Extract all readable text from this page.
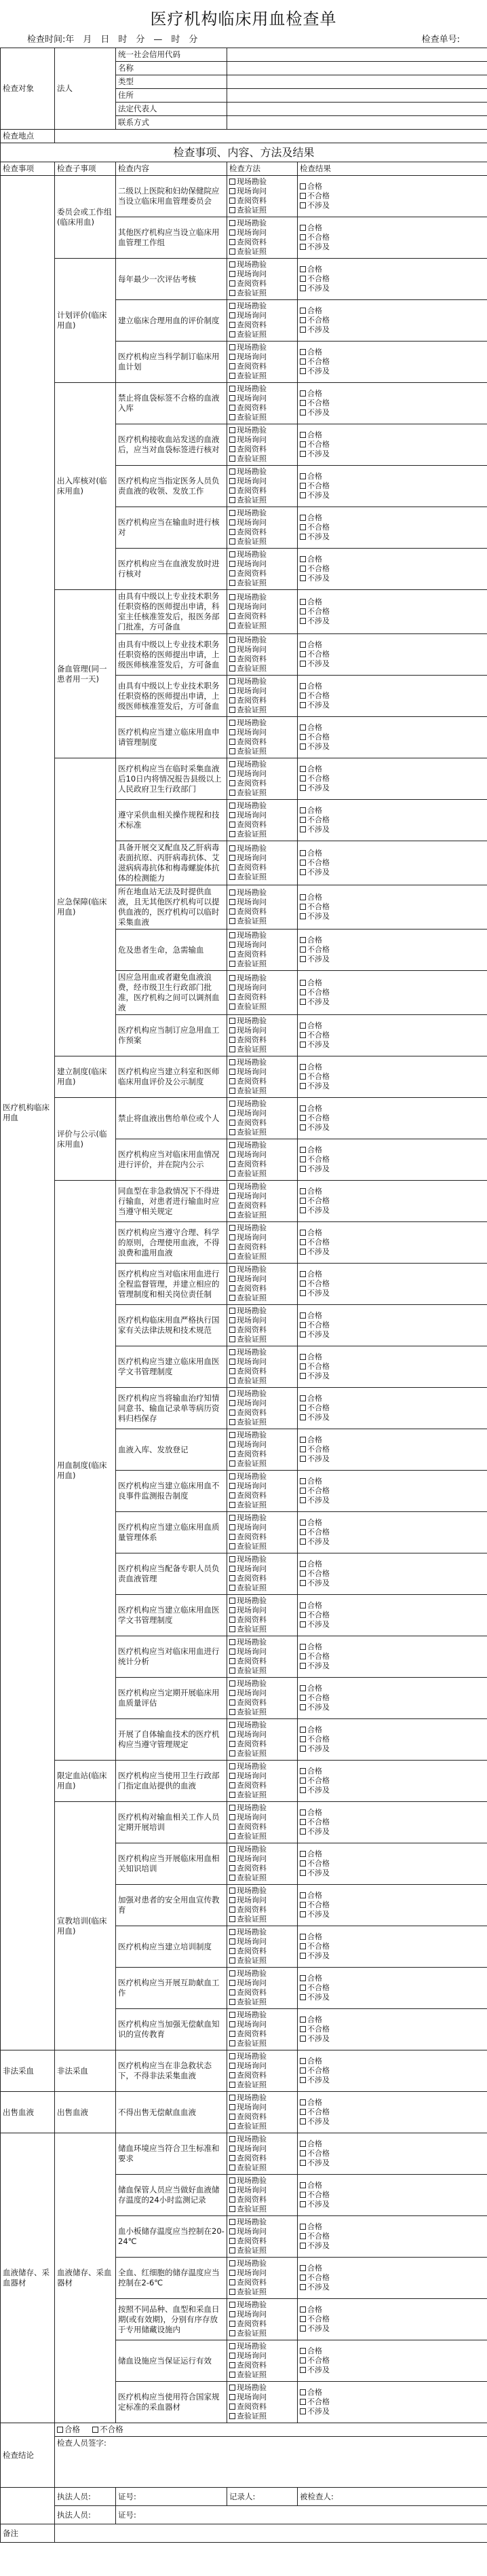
医疗机构临床用血检查单
检查时间:年　月　日　时　分　—　时　分	检查单号:
检查对象	法人	统一社会信用代码		
		名称		
		类型		
		住所		
		法定代表人		
		联系方式		
检查地点				
检查事项、内容、方法及结果				
检查事项	检查子事项	检查内容	检查方法	检查结果
医疗机构临床用血	委员会或工作组(临床用血)	二级以上医院和妇幼保健院应当设立临床用血管理委员会	现场勘验
现场询问
查阅资料
查验证照	合格
不合格
不涉及

		其他医疗机构应当设立临床用血管理工作组	现场勘验
现场询问
查阅资料
查验证照	合格
不合格
不涉及

	计划评价(临床用血)	每年最少一次评估考核	现场勘验
现场询问
查阅资料
查验证照	合格
不合格
不涉及

		建立临床合理用血的评价制度	现场勘验
现场询问
查阅资料
查验证照	合格
不合格
不涉及

		医疗机构应当科学制订临床用血计划	现场勘验
现场询问
查阅资料
查验证照	合格
不合格
不涉及

	出入库核对(临床用血)	禁止将血袋标签不合格的血液入库	现场勘验
现场询问
查阅资料
查验证照	合格
不合格
不涉及

		医疗机构接收血站发送的血液后，应当对血袋标签进行核对	现场勘验
现场询问
查阅资料
查验证照	合格
不合格
不涉及

		医疗机构应当指定医务人员负责血液的收领、发放工作	现场勘验
现场询问
查阅资料
查验证照	合格
不合格
不涉及

		医疗机构应当在输血时进行核对	现场勘验
现场询问
查阅资料
查验证照	合格
不合格
不涉及

		医疗机构应当在血液发放时进行核对	现场勘验
现场询问
查阅资料
查验证照	合格
不合格
不涉及

	备血管理(同一患者用一天)	由具有中级以上专业技术职务任职资格的医师提出申请，科室主任核准签发后，报医务部门批准，方可备血	现场勘验
现场询问
查阅资料
查验证照	合格
不合格
不涉及

		由具有中级以上专业技术职务任职资格的医师提出申请，上级医师核准签发后，方可备血	现场勘验
现场询问
查阅资料
查验证照	合格
不合格
不涉及

		由具有中级以上专业技术职务任职资格的医师提出申请，上级医师核准签发后，方可备血	现场勘验
现场询问
查阅资料
查验证照	合格
不合格
不涉及

		医疗机构应当建立临床用血申请管理制度	现场勘验
现场询问
查阅资料
查验证照	合格
不合格
不涉及

	应急保障(临床用血)	医疗机构应当在临时采集血液后10日内将情况报告县级以上人民政府卫生行政部门	现场勘验
现场询问
查阅资料
查验证照	合格
不合格
不涉及

		遵守采供血相关操作规程和技术标准	现场勘验
现场询问
查阅资料
查验证照	合格
不合格
不涉及

		具备开展交叉配血及乙肝病毒表面抗原、丙肝病毒抗体、艾滋病病毒抗体和梅毒螺旋体抗体的检测能力	现场勘验
现场询问
查阅资料
查验证照	合格
不合格
不涉及

		所在地血站无法及时提供血液，且无其他医疗机构可以提供血液的，医疗机构可以临时采集血液	现场勘验
现场询问
查阅资料
查验证照	合格
不合格
不涉及

		危及患者生命，急需输血	现场勘验
现场询问
查阅资料
查验证照	合格
不合格
不涉及

		因应急用血或者避免血液浪费，经市级卫生行政部门批准，医疗机构之间可以调剂血液	现场勘验
现场询问
查阅资料
查验证照	合格
不合格
不涉及

		医疗机构应当制订应急用血工作预案	现场勘验
现场询问
查阅资料
查验证照	合格
不合格
不涉及

	建立制度(临床用血)	医疗机构应当建立科室和医师临床用血评价及公示制度	现场勘验
现场询问
查阅资料
查验证照	合格
不合格
不涉及

	评价与公示(临床用血)	禁止将血液出售给单位或个人	现场勘验
现场询问
查阅资料
查验证照	合格
不合格
不涉及

		医疗机构应当对临床用血情况进行评价，并在院内公示	现场勘验
现场询问
查阅资料
查验证照	合格
不合格
不涉及

	用血制度(临床用血)	同血型在非急救情况下不得进行输血，对患者进行输血时应当遵守相关规定	现场勘验
现场询问
查阅资料
查验证照	合格
不合格
不涉及

		医疗机构应当遵守合理、科学的原则，合理使用血液，不得浪费和滥用血液	现场勘验
现场询问
查阅资料
查验证照	合格
不合格
不涉及

		医疗机构应当对临床用血进行全程监督管理，并建立相应的管理制度和相关岗位责任制	现场勘验
现场询问
查阅资料
查验证照	合格
不合格
不涉及

		医疗机构临床用血严格执行国家有关法律法规和技术规范	现场勘验
现场询问
查阅资料
查验证照	合格
不合格
不涉及

		医疗机构应当建立临床用血医学文书管理制度	现场勘验
现场询问
查阅资料
查验证照	合格
不合格
不涉及

		医疗机构应当将输血治疗知情同意书、输血记录单等病历资料归档保存	现场勘验
现场询问
查阅资料
查验证照	合格
不合格
不涉及

		血液入库、发放登记	现场勘验
现场询问
查阅资料
查验证照	合格
不合格
不涉及

		医疗机构应当建立临床用血不良事件监测报告制度	现场勘验
现场询问
查阅资料
查验证照	合格
不合格
不涉及

		医疗机构应当建立临床用血质量管理体系	现场勘验
现场询问
查阅资料
查验证照	合格
不合格
不涉及

		医疗机构应当配备专职人员负责血液管理	现场勘验
现场询问
查阅资料
查验证照	合格
不合格
不涉及

		医疗机构应当建立临床用血医学文书管理制度	现场勘验
现场询问
查阅资料
查验证照	合格
不合格
不涉及

		医疗机构应当对临床用血进行统计分析	现场勘验
现场询问
查阅资料
查验证照	合格
不合格
不涉及

		医疗机构应当定期开展临床用血质量评估	现场勘验
现场询问
查阅资料
查验证照	合格
不合格
不涉及

		开展了自体输血技术的医疗机构应当遵守管理规定	现场勘验
现场询问
查阅资料
查验证照	合格
不合格
不涉及

	限定血站(临床用血)	医疗机构应当使用卫生行政部门指定血站提供的血液	现场勘验
现场询问
查阅资料
查验证照	合格
不合格
不涉及

	宣教培训(临床用血)	医疗机构对输血相关工作人员定期开展培训	现场勘验
现场询问
查阅资料
查验证照	合格
不合格
不涉及

		医疗机构应当开展临床用血相关知识培训	现场勘验
现场询问
查阅资料
查验证照	合格
不合格
不涉及

		加强对患者的安全用血宣传教育	现场勘验
现场询问
查阅资料
查验证照	合格
不合格
不涉及

		医疗机构应当建立培训制度	现场勘验
现场询问
查阅资料
查验证照	合格
不合格
不涉及

		医疗机构应当开展互助献血工作	现场勘验
现场询问
查阅资料
查验证照	合格
不合格
不涉及

		医疗机构应当加强无偿献血知识的宣传教育	现场勘验
现场询问
查阅资料
查验证照	合格
不合格
不涉及

非法采血	非法采血	医疗机构应当在非急救状态下，不得非法采集血液	现场勘验
现场询问
查阅资料
查验证照	合格
不合格
不涉及

出售血液	出售血液	不得出售无偿献血血液	现场勘验
现场询问
查阅资料
查验证照	合格
不合格
不涉及

血液储存、采血器材	血液储存、采血器材	储血环境应当符合卫生标准和要求	现场勘验
现场询问
查阅资料
查验证照	合格
不合格
不涉及

		储血保管人员应当做好血液储存温度的24小时监测记录	现场勘验
现场询问
查阅资料
查验证照	合格
不合格
不涉及

		血小板储存温度应当控制在20-24℃	现场勘验
现场询问
查阅资料
查验证照	合格
不合格
不涉及

		全血、红细胞的储存温度应当控制在2-6℃	现场勘验
现场询问
查阅资料
查验证照	合格
不合格
不涉及

		按照不同品种、血型和采血日期(或有效期)，分别有序存放于专用储藏设施内	现场勘验
现场询问
查阅资料
查验证照	合格
不合格
不涉及

		储血设施应当保证运行有效	现场勘验
现场询问
查阅资料
查验证照	合格
不合格
不涉及

		医疗机构应当使用符合国家规定标准的采血器材	现场勘验
现场询问
查阅资料
查验证照	合格
不合格
不涉及

检查结论	合格 不合格			
	检查人员签字:			
	执法人员:	证号:	记录人:	被检查人:
	执法人员:	证号:		
备注				
